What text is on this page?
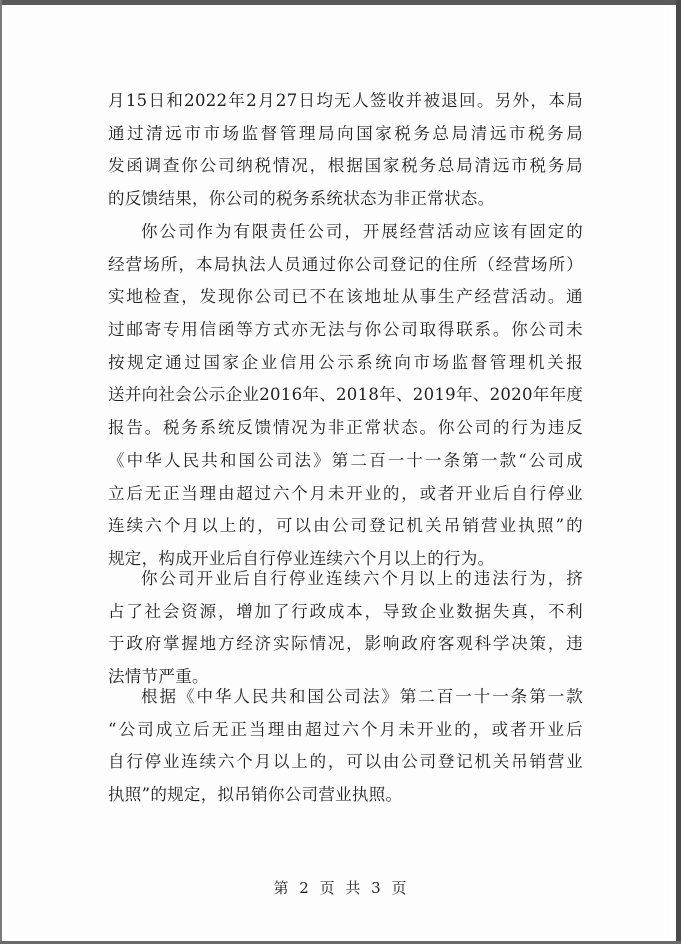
月15日和2022年2月27日均无人签收并被退回。另外，本局
通过清远市市场监督管理局向国家税务总局清远市税务局
发函调查你公司纳税情况，根据国家税务总局清远市税务局
的反馈结果，你公司的税务系统状态为非正常状态。
你公司作为有限责任公司，开展经营活动应该有固定的
经营场所，本局执法人员通过你公司登记的住所（经营场所）
实地检查，发现你公司已不在该地址从事生产经营活动。通
过邮寄专用信函等方式亦无法与你公司取得联系。你公司未
按规定通过国家企业信用公示系统向市场监督管理机关报
送并向社会公示企业2016年、2018年、2019年、2020年年度
报告。税务系统反馈情况为非正常状态。你公司的行为违反
《中华人民共和国公司法》第二百一十一条第一款“公司成
立后无正当理由超过六个月未开业的，或者开业后自行停业
连续六个月以上的，可以由公司登记机关吊销营业执照”的
规定，构成开业后自行停业连续六个月以上的行为。
你公司开业后自行停业连续六个月以上的违法行为，挤
占了社会资源，增加了行政成本，导致企业数据失真，不利
于政府掌握地方经济实际情况，影响政府客观科学决策，违
法情节严重。
根据《中华人民共和国公司法》第二百一十一条第一款
“公司成立后无正当理由超过六个月未开业的，或者开业后
自行停业连续六个月以上的，可以由公司登记机关吊销营业
执照”的规定，拟吊销你公司营业执照。
第 2 页 共 3 页
